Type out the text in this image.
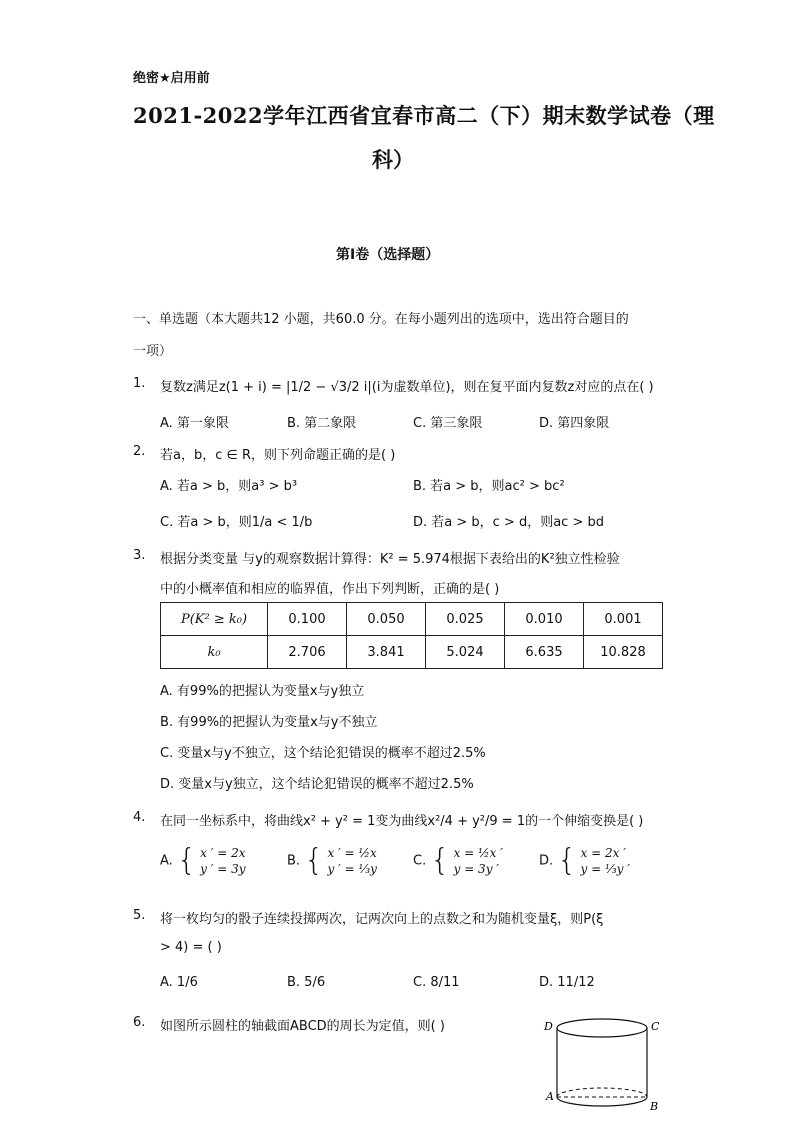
绝密★启用前
2021-2022学年江西省宜春市高二（下）期末数学试卷（理
科）
第Ⅰ卷（选择题）
一、单选题（本大题共12 小题，共60.0 分。在每小题列出的选项中，选出符合题目的
一项）
1. 复数z满足z(1 + i) = |1/2 − √3/2 i|(i为虚数单位)，则在复平面内复数z对应的点在( )
A. 第一象限	B. 第二象限	C. 第三象限	D. 第四象限
2. 若a，b，c ∈ R，则下列命题正确的是( )
A. 若a > b，则a³ > b³	B. 若a > b，则ac² > bc²
C. 若a > b，则1/a < 1/b	D. 若a > b，c > d，则ac > bd
3. 根据分类变量 与y的观察数据计算得：K² = 5.974根据下表给出的K²独立性检验
中的小概率值和相应的临界值，作出下列判断，正确的是( )
P(K² ≥ k₀)	0.100	0.050	0.025	0.010	0.001
k₀	2.706	3.841	5.024	6.635	10.828
A. 有99%的把握认为变量x与y独立
B. 有99%的把握认为变量x与y不独立
C. 变量x与y不独立，这个结论犯错误的概率不超过2.5%
D. 变量x与y独立，这个结论犯错误的概率不超过2.5%
4. 在同一坐标系中，将曲线x² + y² = 1变为曲线x²/4 + y²/9 = 1的一个伸缩变换是( )
A. { x ′ = 2x
y ′ = 3y
B. { x ′ = ½x
y ′ = ⅓y
C. { x = ½x ′
y = 3y ′
D. { x = 2x ′
y = ⅓y ′
5. 将一枚均匀的骰子连续投掷两次，记两次向上的点数之和为随机变量ξ，则P(ξ
> 4) = ( )
A. 1/6	B. 5/6	C. 8/11	D. 11/12
6. 如图所示圆柱的轴截面ABCD的周长为定值，则( )	D	C
A
B
